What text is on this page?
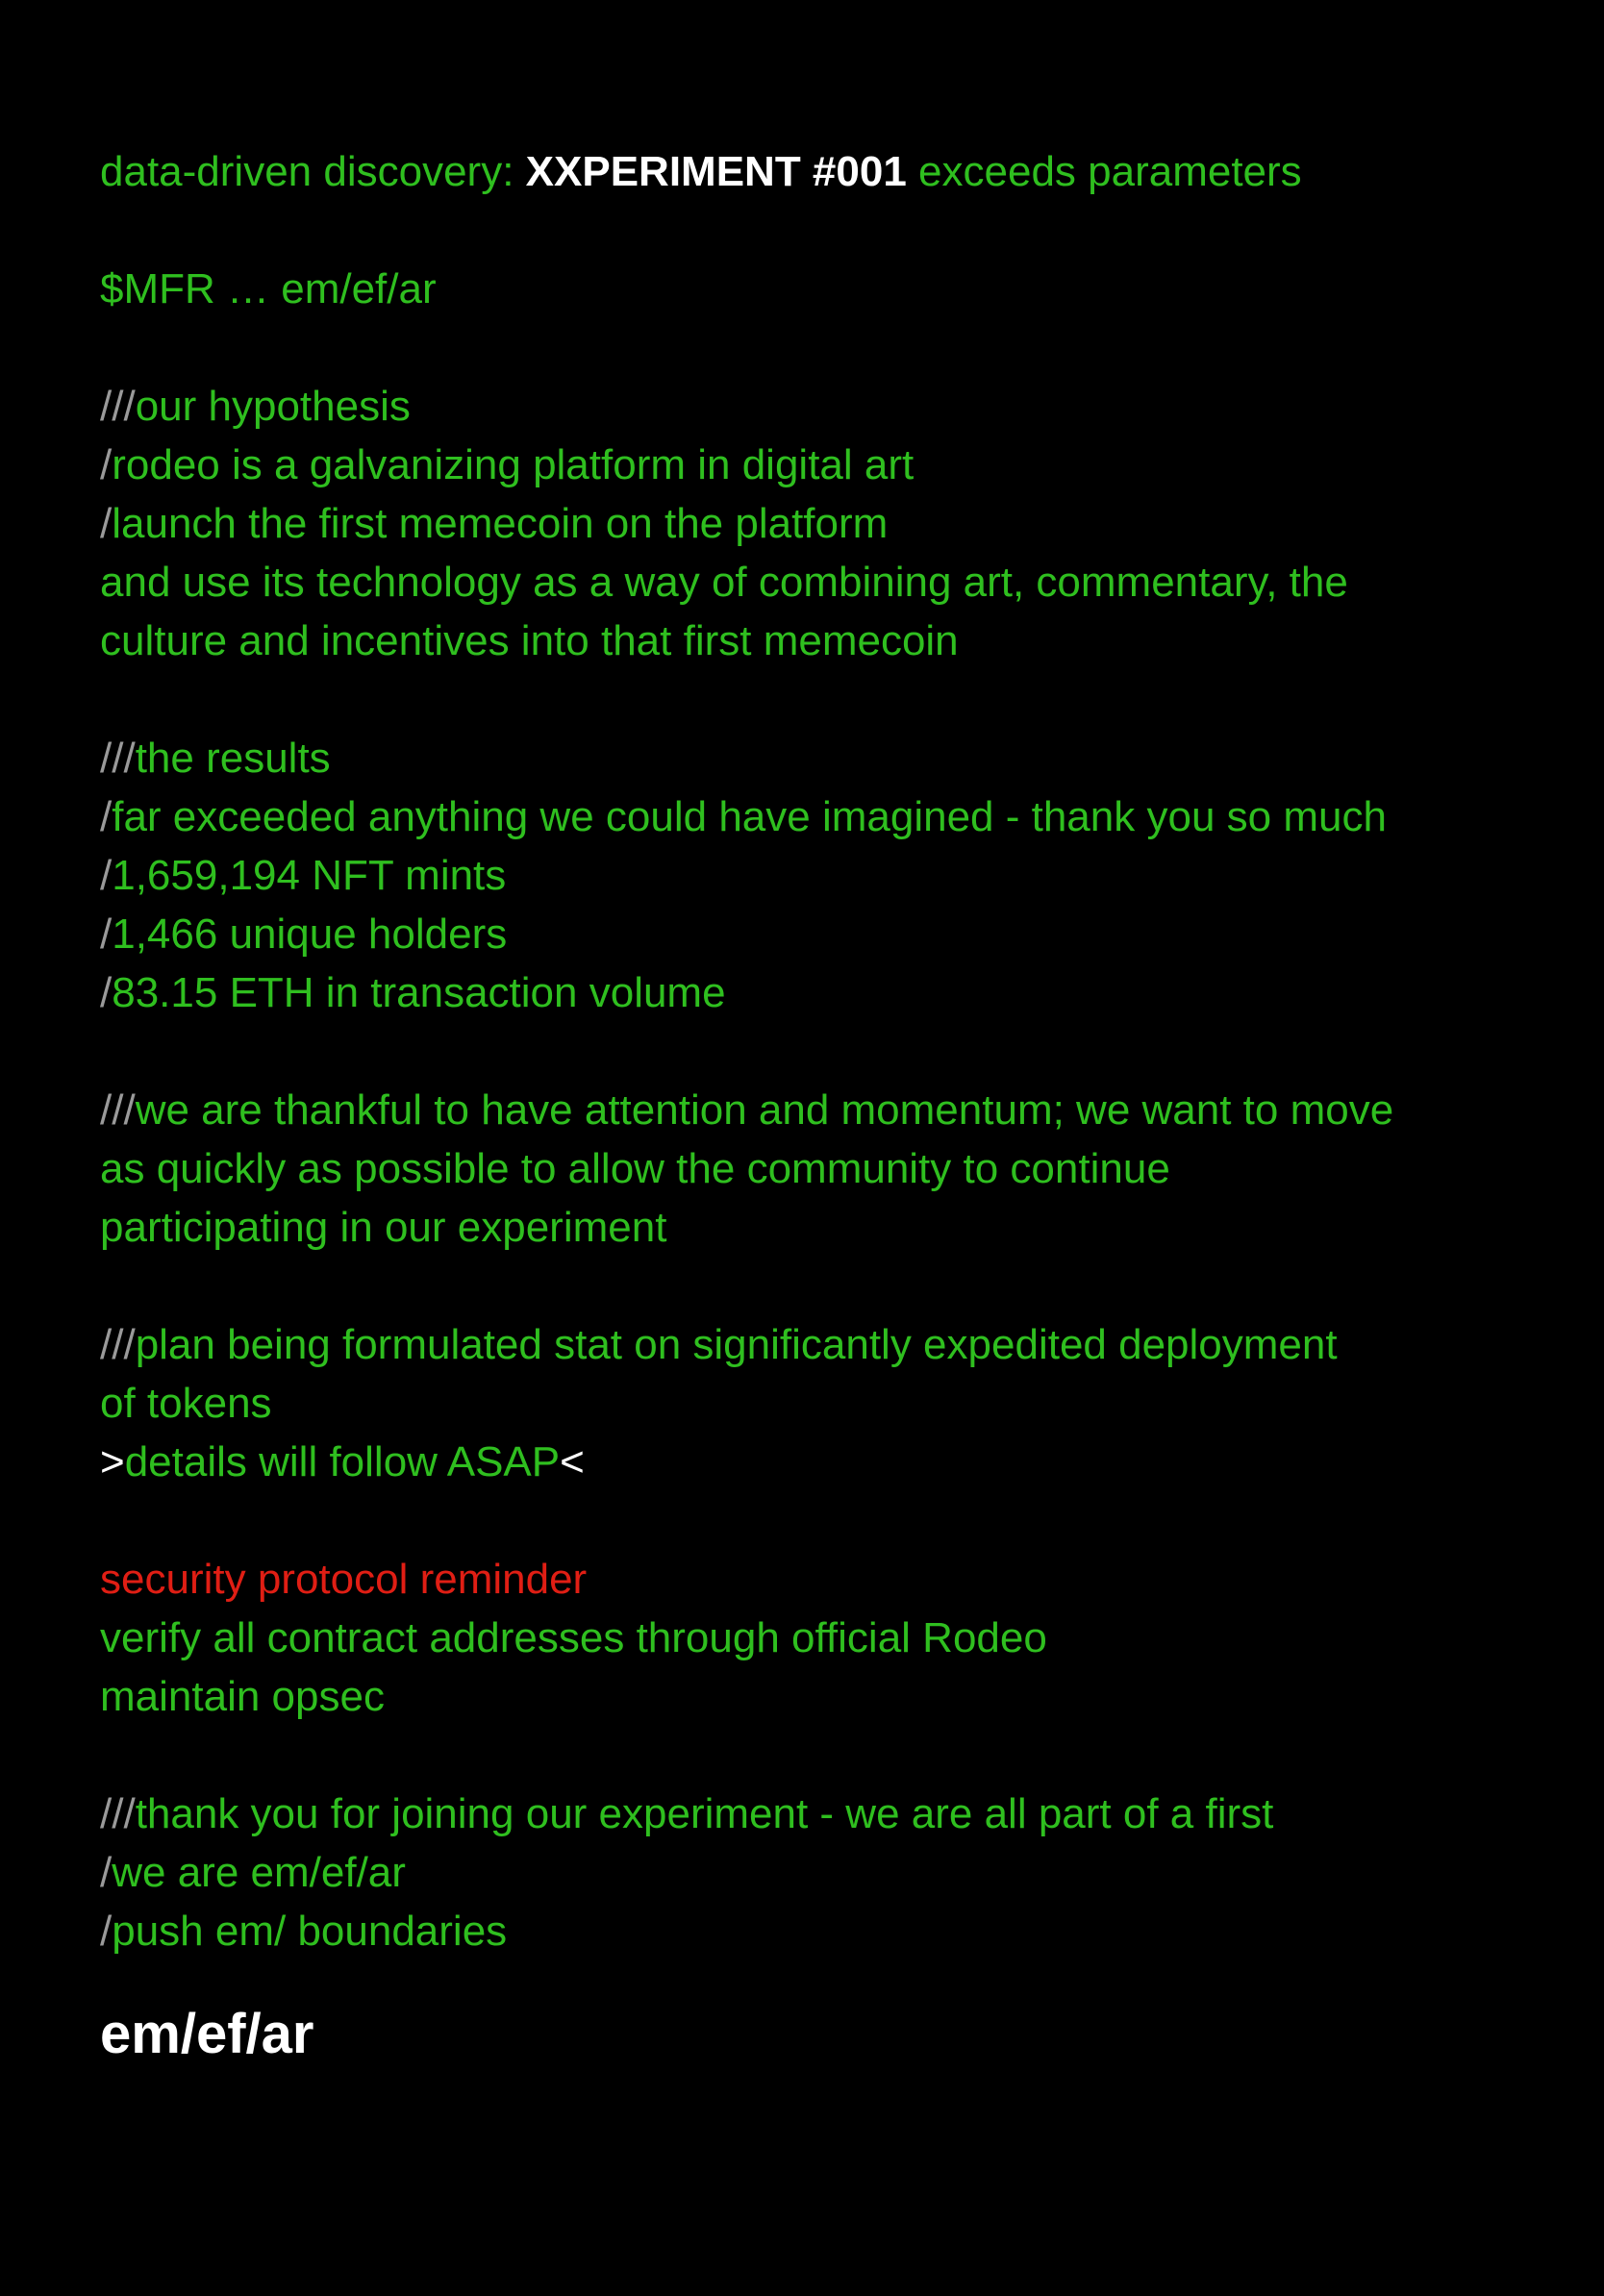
data-driven discovery: XXPERIMENT #001 exceeds parameters
$MFR … em/ef/ar
///our hypothesis
/rodeo is a galvanizing platform in digital art
/launch the first memecoin on the platform
and use its technology as a way of combining art, commentary, the
culture and incentives into that first memecoin
///the results
/far exceeded anything we could have imagined - thank you so much
/1,659,194 NFT mints
/1,466 unique holders
/83.15 ETH in transaction volume
///we are thankful to have attention and momentum; we want to move
as quickly as possible to allow the community to continue
participating in our experiment
///plan being formulated stat on significantly expedited deployment
of tokens
>details will follow ASAP<
security protocol reminder
verify all contract addresses through official Rodeo
maintain opsec
///thank you for joining our experiment - we are all part of a first
/we are em/ef/ar
/push em/ boundaries
em/ef/ar
